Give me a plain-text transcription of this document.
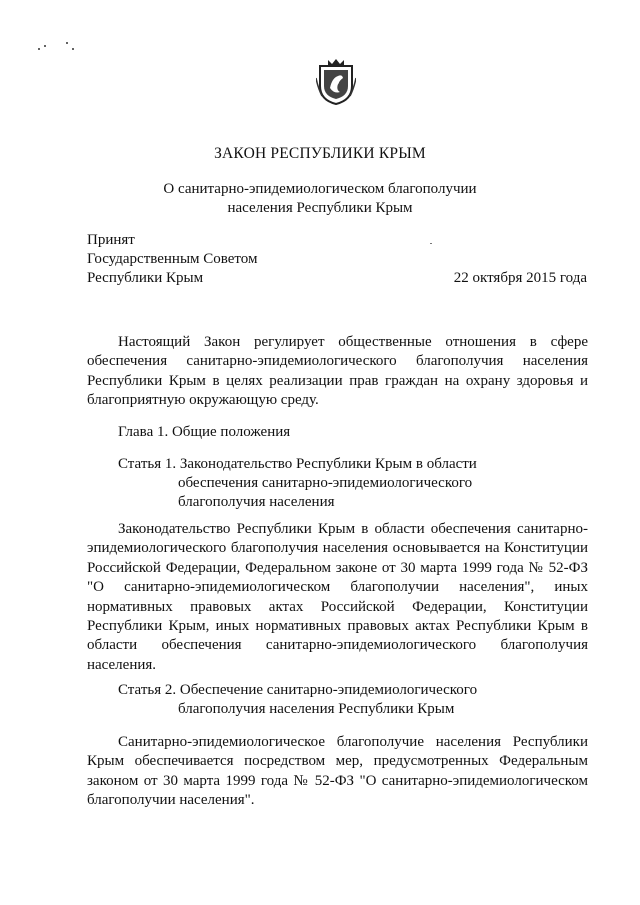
ЗАКОН РЕСПУБЛИКИ КРЫМ
О санитарно-эпидемиологическом благополучии
населения Республики Крым
Принят
Государственным Советом
Республики Крым	22 октября 2015 года

Настоящий Закон регулирует общественные отношения в сфере обеспечения санитарно-эпидемиологического благополучия населения Республики Крым в целях реализации прав граждан на охрану здоровья и благоприятную окружающую среду.

Глава 1. Общие положения
Статья 1. Законодательство Республики Крым в области
обеспечения санитарно-эпидемиологического
благополучия населения

Законодательство Республики Крым в области обеспечения санитарно-эпидемиологического благополучия населения основывается на Конституции Российской Федерации, Федеральном законе от 30 марта 1999 года № 52-ФЗ "О санитарно-эпидемиологическом благополучии населения", иных нормативных правовых актах Российской Федерации, Конституции Республики Крым, иных нормативных правовых актах Республики Крым в области обеспечения санитарно-эпидемиологического благополучия населения.

Статья 2. Обеспечение санитарно-эпидемиологического
благополучия населения Республики Крым

Санитарно-эпидемиологическое благополучие населения Республики Крым обеспечивается посредством мер, предусмотренных Федеральным законом от 30 марта 1999 года № 52-ФЗ "О санитарно-эпидемиологическом благополучии населения".
